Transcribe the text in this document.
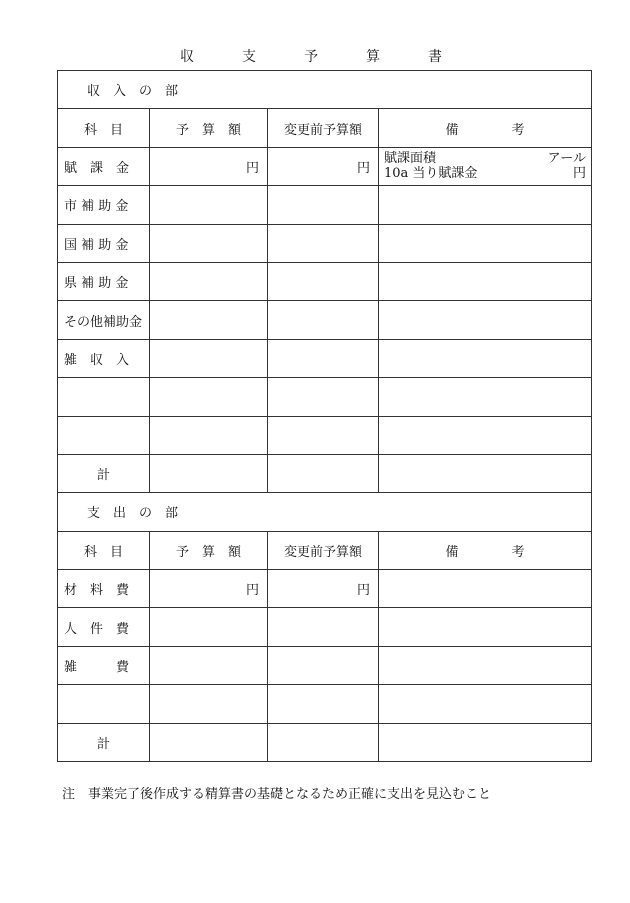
収	支	予	算	書
収　入　の　部			
科　目	予　算　額	変更前予算額	備 考

賦　課　金	円	円	賦課面積 アール
10a 当り賦課金 円

市 補 助 金			
国 補 助 金			
県 補 助 金			
その他補助金			
雑　収　入			

計			
支　出　の　部			
科　目	予　算　額	変更前予算額	備 考

材　料　費	円	円	
人　件　費			
雑　　　費			

計			
注　事業完了後作成する精算書の基礎となるため正確に支出を見込むこと
